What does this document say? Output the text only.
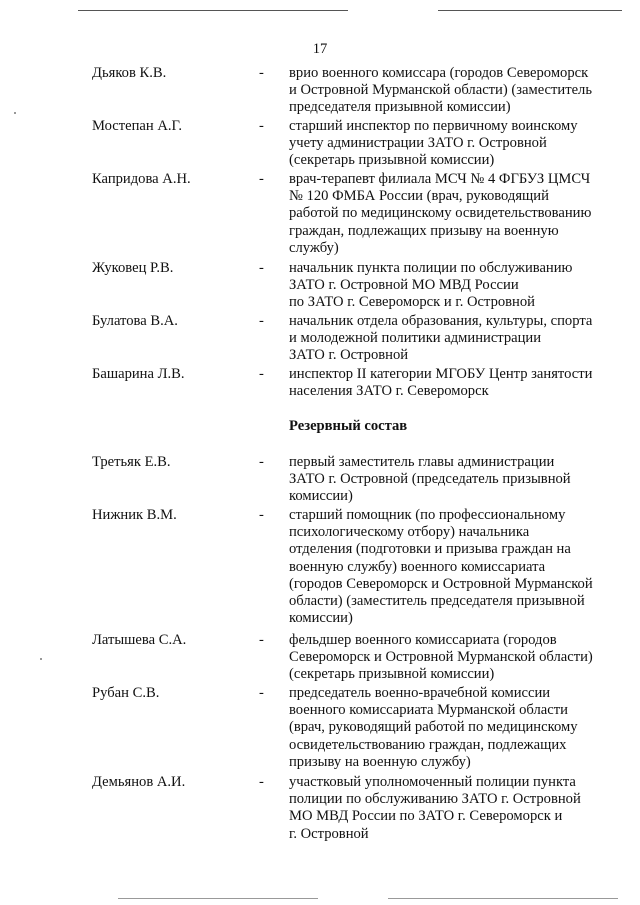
17
Дьяков К.В.	- врио военного комиссара (городов Североморск
и Островной Мурманской области) (заместитель
председателя призывной комиссии)
Мостепан А.Г.	- старший инспектор по первичному воинскому
учету администрации ЗАТО г. Островной
(секретарь призывной комиссии)
Капридова А.Н.	- врач-терапевт филиала МСЧ № 4 ФГБУЗ ЦМСЧ
№ 120 ФМБА России (врач, руководящий
работой по медицинскому освидетельствованию
граждан, подлежащих призыву на военную
службу)
Жуковец Р.В.	- начальник пункта полиции по обслуживанию
ЗАТО г. Островной МО МВД России
по ЗАТО г. Североморск и г. Островной
Булатова В.А.	- начальник отдела образования, культуры, спорта
и молодежной политики администрации
ЗАТО г. Островной
Башарина Л.В.	- инспектор II категории МГОБУ Центр занятости
населения ЗАТО г. Североморск
Резервный состав
Третьяк Е.В.	- первый заместитель главы администрации
ЗАТО г. Островной (председатель призывной
комиссии)
Нижник В.М.	- старший помощник (по профессиональному
психологическому отбору) начальника
отделения (подготовки и призыва граждан на
военную службу) военного комиссариата
(городов Североморск и Островной Мурманской
области) (заместитель председателя призывной
комиссии)
Латышева С.А.	- фельдшер военного комиссариата (городов
Североморск и Островной Мурманской области)
(секретарь призывной комиссии)
Рубан С.В.	- председатель военно-врачебной комиссии
военного комиссариата Мурманской области
(врач, руководящий работой по медицинскому
освидетельствованию граждан, подлежащих
призыву на военную службу)
Демьянов А.И.	- участковый уполномоченный полиции пункта
полиции по обслуживанию ЗАТО г. Островной
МО МВД России по ЗАТО г. Североморск и
г. Островной
